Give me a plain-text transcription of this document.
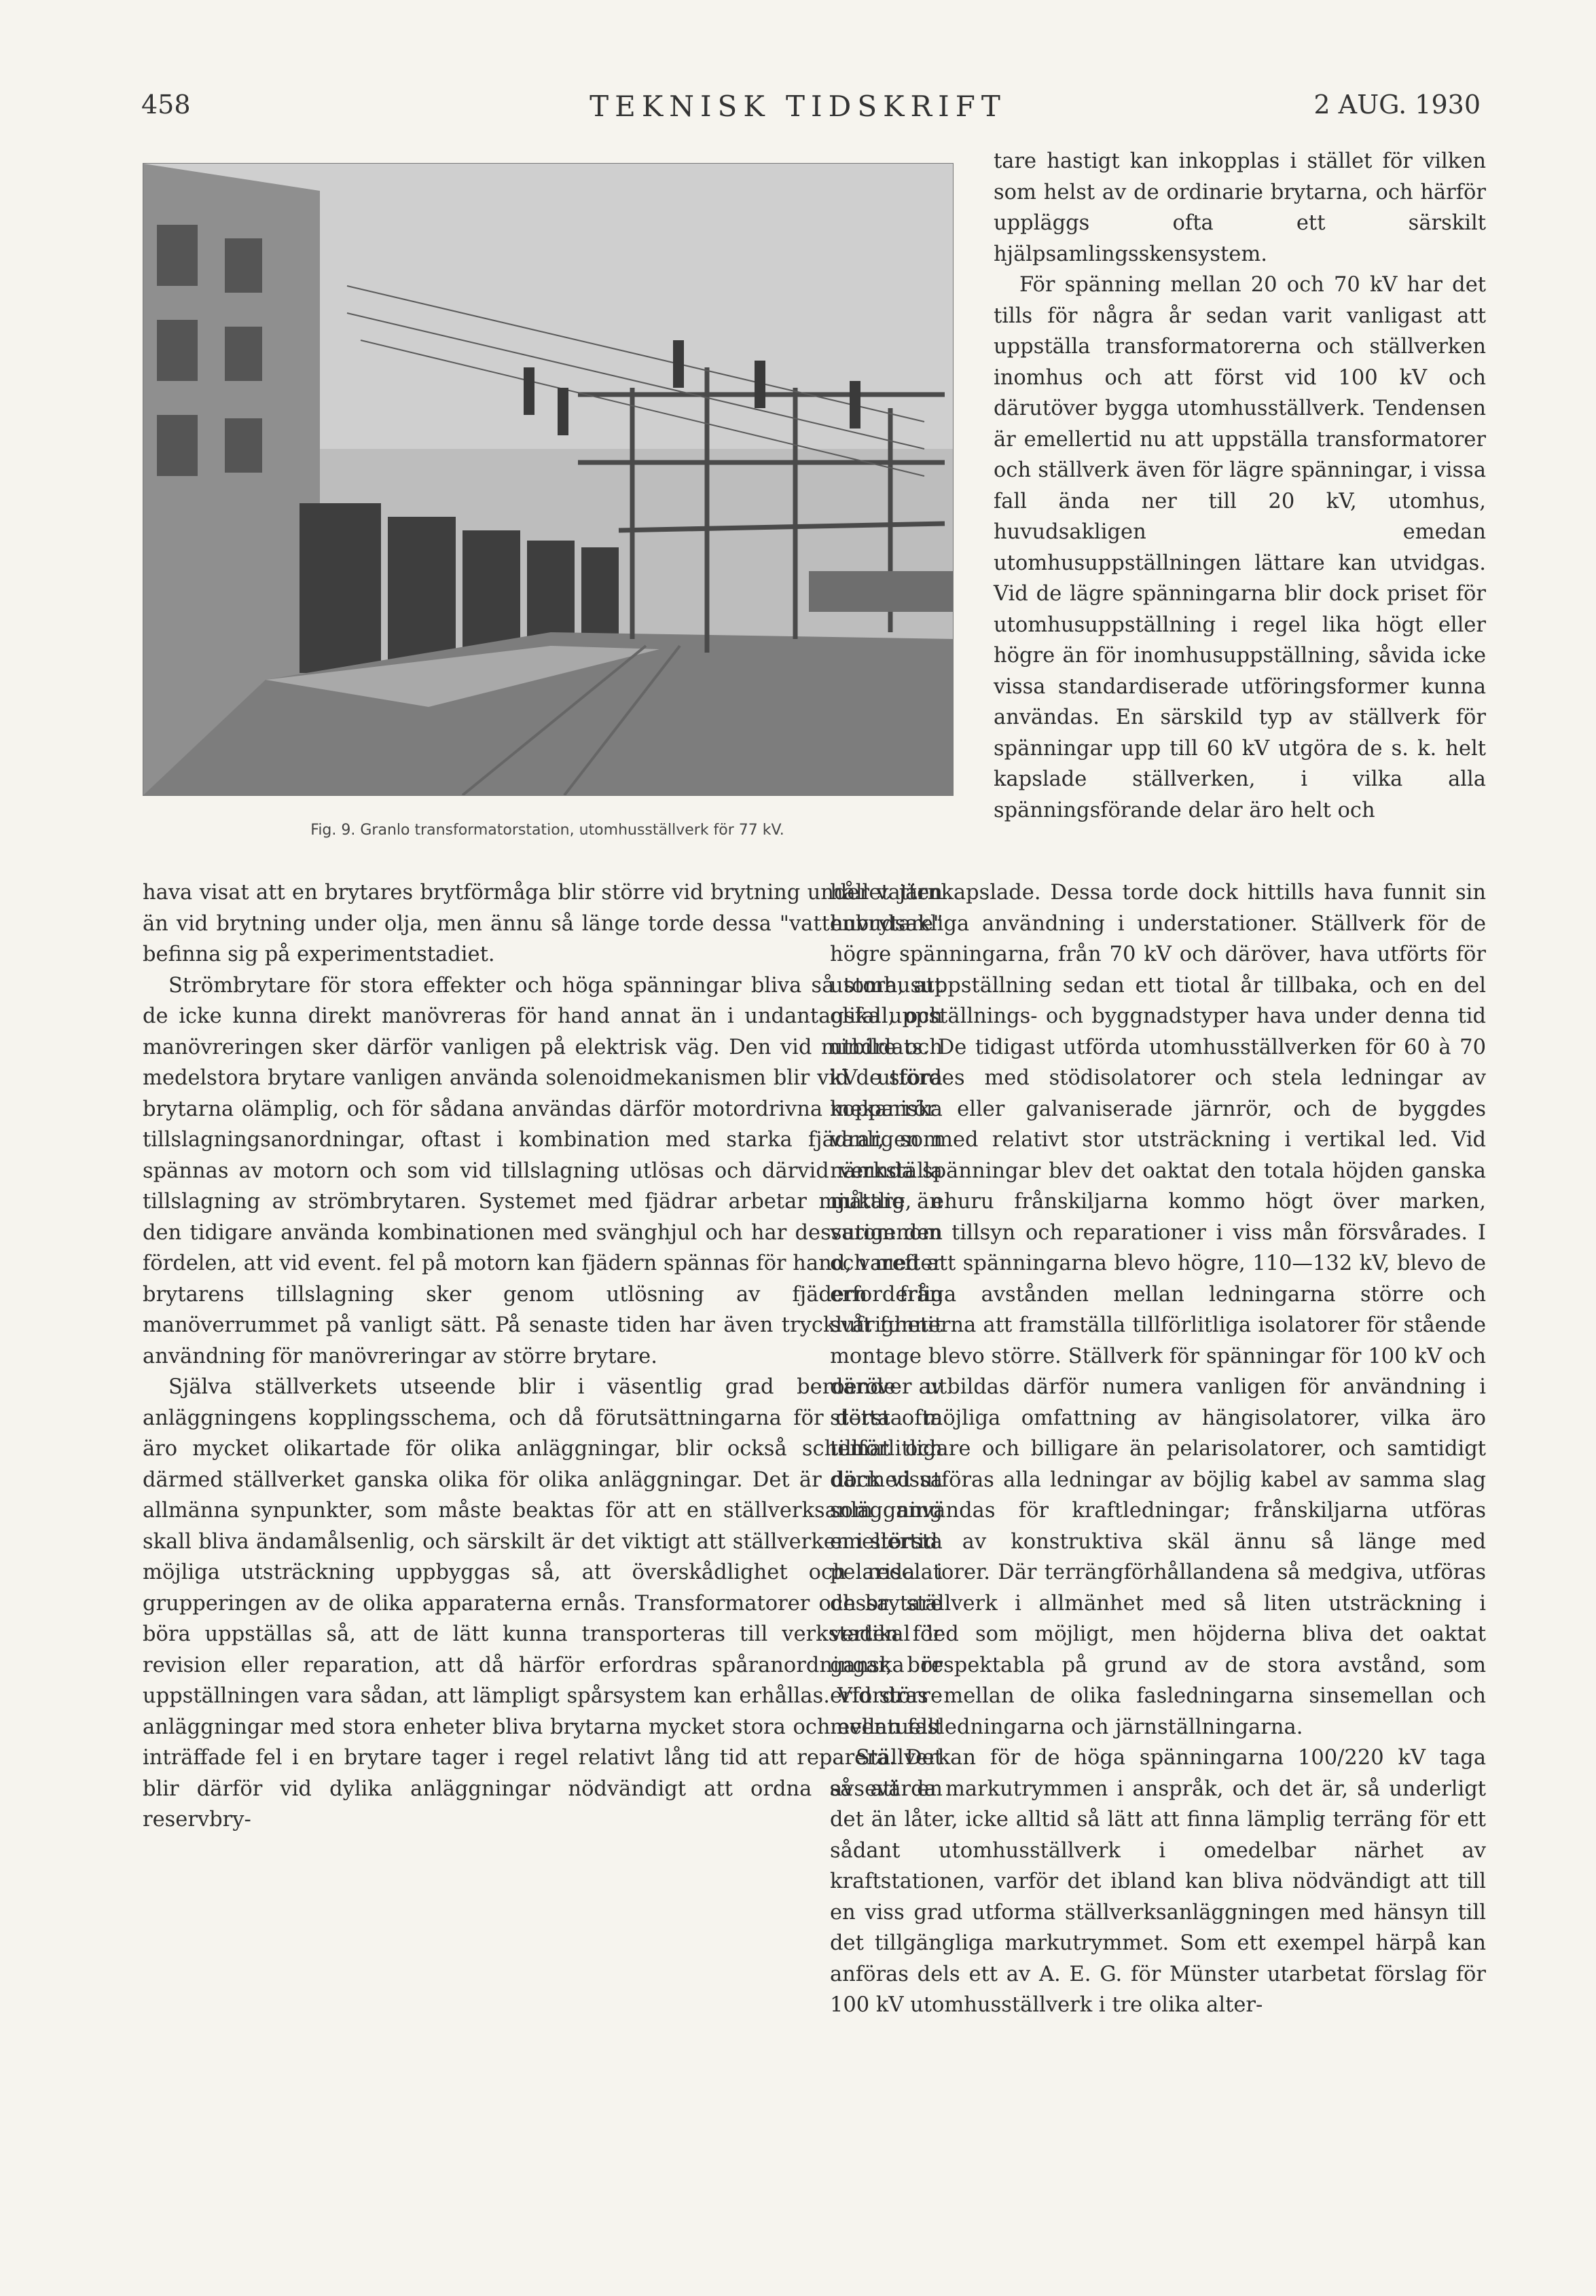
458	TEKNISK TIDSKRIFT	2 AUG. 1930
Fig. 9. Granlo transformatorstation, utomhusställverk för 77 kV.

tare hastigt kan inkopplas i stället för vilken som helst av de ordinarie brytarna, och härför uppläggs ofta ett särskilt hjälpsamlingsskensystem.

För spänning mellan 20 och 70 kV har det tills för några år sedan varit vanligast att uppställa transformatorerna och ställverken inomhus och att först vid 100 kV och därutöver bygga utomhusställverk. Tendensen är emellertid nu att uppställa transformatorer och ställverk även för lägre spänningar, i vissa fall ända ner till 20 kV, utomhus, huvudsakligen emedan utomhusuppställningen lättare kan utvidgas. Vid de lägre spänningarna blir dock priset för utomhusuppställning i regel lika högt eller högre än för inomhusuppställning, såvida icke vissa standardiserade utföringsformer kunna användas. En särskild typ av ställverk för spänningar upp till 60 kV utgöra de s. k. helt kapslade ställverken, i vilka alla spänningsförande delar äro helt och

hava visat att en brytares brytförmåga blir större vid brytning under vatten än vid brytning under olja, men ännu så länge torde dessa "vattenbrytare" befinna sig på experimentstadiet.

Strömbrytare för stora effekter och höga spänningar bliva så stora, att de icke kunna direkt manövreras för hand annat än i undantagsfall, och manövreringen sker därför vanligen på elektrisk väg. Den vid mindre och medelstora brytare vanligen använda solenoidmekanismen blir vid de stora brytarna olämplig, och för sådana användas därför motordrivna mekaniska tillslagningsanordningar, oftast i kombination med starka fjädrar, som spännas av motorn och som vid tillslagning utlösas och därvid verkställa tillslagning av strömbrytaren. Systemet med fjädrar arbetar mjukare än den tidigare använda kombinationen med svänghjul och har dessutom den fördelen, att vid event. fel på motorn kan fjädern spännas för hand, varefter brytarens tillslagning sker genom utlösning av fjädern från manöverrummet på vanligt sätt. På senaste tiden har även tryckluft funnit användning för manövreringar av större brytare.

Själva ställverkets utseende blir i väsentlig grad beroende av anläggningens kopplingsschema, och då förutsättningarna för detta ofta äro mycket olikartade för olika anläggningar, blir också schemat och därmed ställverket ganska olika för olika anläggningar. Det är dock vissa allmänna synpunkter, som måste beaktas för att en ställverksanläggning skall bliva ändamålsenlig, och särskilt är det viktigt att ställverken i största möjliga utsträckning uppbyggas så, att överskådlighet och reda i grupperingen av de olika apparaterna ernås. Transformatorer och brytare böra uppställas så, att de lätt kunna transporteras till verkstaden för revision eller reparation, att då härför erfordras spåranordningar, bör uppställningen vara sådan, att lämpligt spårsystem kan erhållas. Vid större anläggningar med stora enheter bliva brytarna mycket stora och eventuellt inträffade fel i en brytare tager i regel relativt lång tid att reparera. Det blir därför vid dylika anläggningar nödvändigt att ordna så att en reservbry-

hållet järnkapslade. Dessa torde dock hittills hava funnit sin huvudsakliga användning i understationer. Ställverk för de högre spänningarna, från 70 kV och däröver, hava utförts för utomhusuppställning sedan ett tiotal år tillbaka, och en del olika uppställnings- och byggnadstyper hava under denna tid utbildats. De tidigast utförda utomhusställverken för 60 à 70 kV utfördes med stödisolatorer och stela ledningar av kopparrör eller galvaniserade järnrör, och de byggdes vanligen med relativt stor utsträckning i vertikal led. Vid nämnda spänningar blev det oaktat den totala höjden ganska måttlig, ehuru frånskiljarna kommo högt över marken, varigenom tillsyn och reparationer i viss mån försvårades. I och med att spänningarna blevo högre, 110—132 kV, blevo de erforderliga avstånden mellan ledningarna större och svårigheterna att framställa tillförlitliga isolatorer för stående montage blevo större. Ställverk för spänningar för 100 kV och däröver utbildas därför numera vanligen för användning i största möjliga omfattning av hängisolatorer, vilka äro tillförlitligare och billigare än pelarisolatorer, och samtidigt därmed utföras alla ledningar av böjlig kabel av samma slag som användas för kraftledningar; frånskiljarna utföras emellertid av konstruktiva skäl ännu så länge med pelarisolatorer. Där terrängförhållandena så medgiva, utföras dessa ställverk i allmänhet med så liten utsträckning i vertikal led som möjligt, men höjderna bliva det oaktat ganska respektabla på grund av de stora avstånd, som erfordras mellan de olika fasledningarna sinsemellan och mellan fasledningarna och järnställningarna.

Ställverkan för de höga spänningarna 100/220 kV taga avsevärda markutrymmen i anspråk, och det är, så underligt det än låter, icke alltid så lätt att finna lämplig terräng för ett sådant utomhusställverk i omedelbar närhet av kraftstationen, varför det ibland kan bliva nödvändigt att till en viss grad utforma ställverksanläggningen med hänsyn till det tillgängliga markutrymmet. Som ett exempel härpå kan anföras dels ett av A. E. G. för Münster utarbetat förslag för 100 kV utomhusställverk i tre olika alter-
